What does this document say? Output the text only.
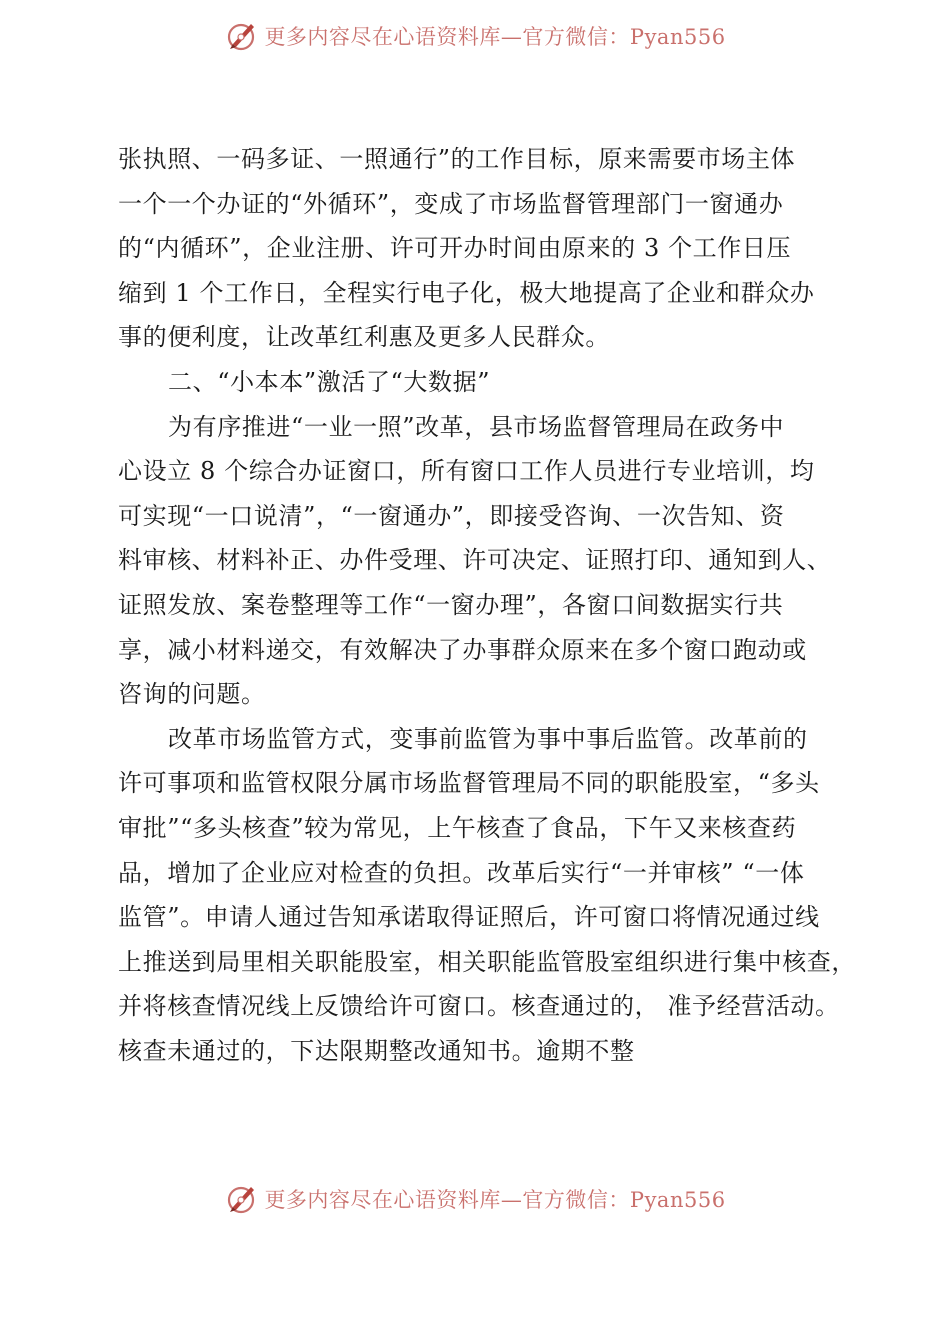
更多内容尽在心语资料库—官方微信：Pyan556

张执照、一码多证、一照通行”的工作目标，原来需要市场主体
一个一个办证的“外循环”，变成了市场监督管理部门一窗通办
的“内循环”，企业注册、许可开办时间由原来的 3 个工作日压
缩到 1 个工作日，全程实行电子化，极大地提高了企业和群众办
事的便利度，让改革红利惠及更多人民群众。

二、“小本本”激活了“大数据”

为有序推进“一业一照”改革，县市场监督管理局在政务中
心设立 8 个综合办证窗口，所有窗口工作人员进行专业培训，均
可实现“一口说清”，“一窗通办”，即接受咨询、一次告知、资
料审核、材料补正、办件受理、许可决定、证照打印、通知到人、
证照发放、案卷整理等工作“一窗办理”，各窗口间数据实行共
享，减小材料递交，有效解决了办事群众原来在多个窗口跑动或
咨询的问题。

改革市场监管方式，变事前监管为事中事后监管。改革前的
许可事项和监管权限分属市场监督管理局不同的职能股室，“多头
审批”“多头核查”较为常见，上午核查了食品，下午又来核查药
品，增加了企业应对检查的负担。改革后实行“一并审核” “一体
监管”。申请人通过告知承诺取得证照后，许可窗口将情况通过线
上推送到局里相关职能股室，相关职能监管股室组织进行集中核查，
并将核查情况线上反馈给许可窗口。核查通过的， 准予经营活动。
核查未通过的，下达限期整改通知书。逾期不整

更多内容尽在心语资料库—官方微信：Pyan556
